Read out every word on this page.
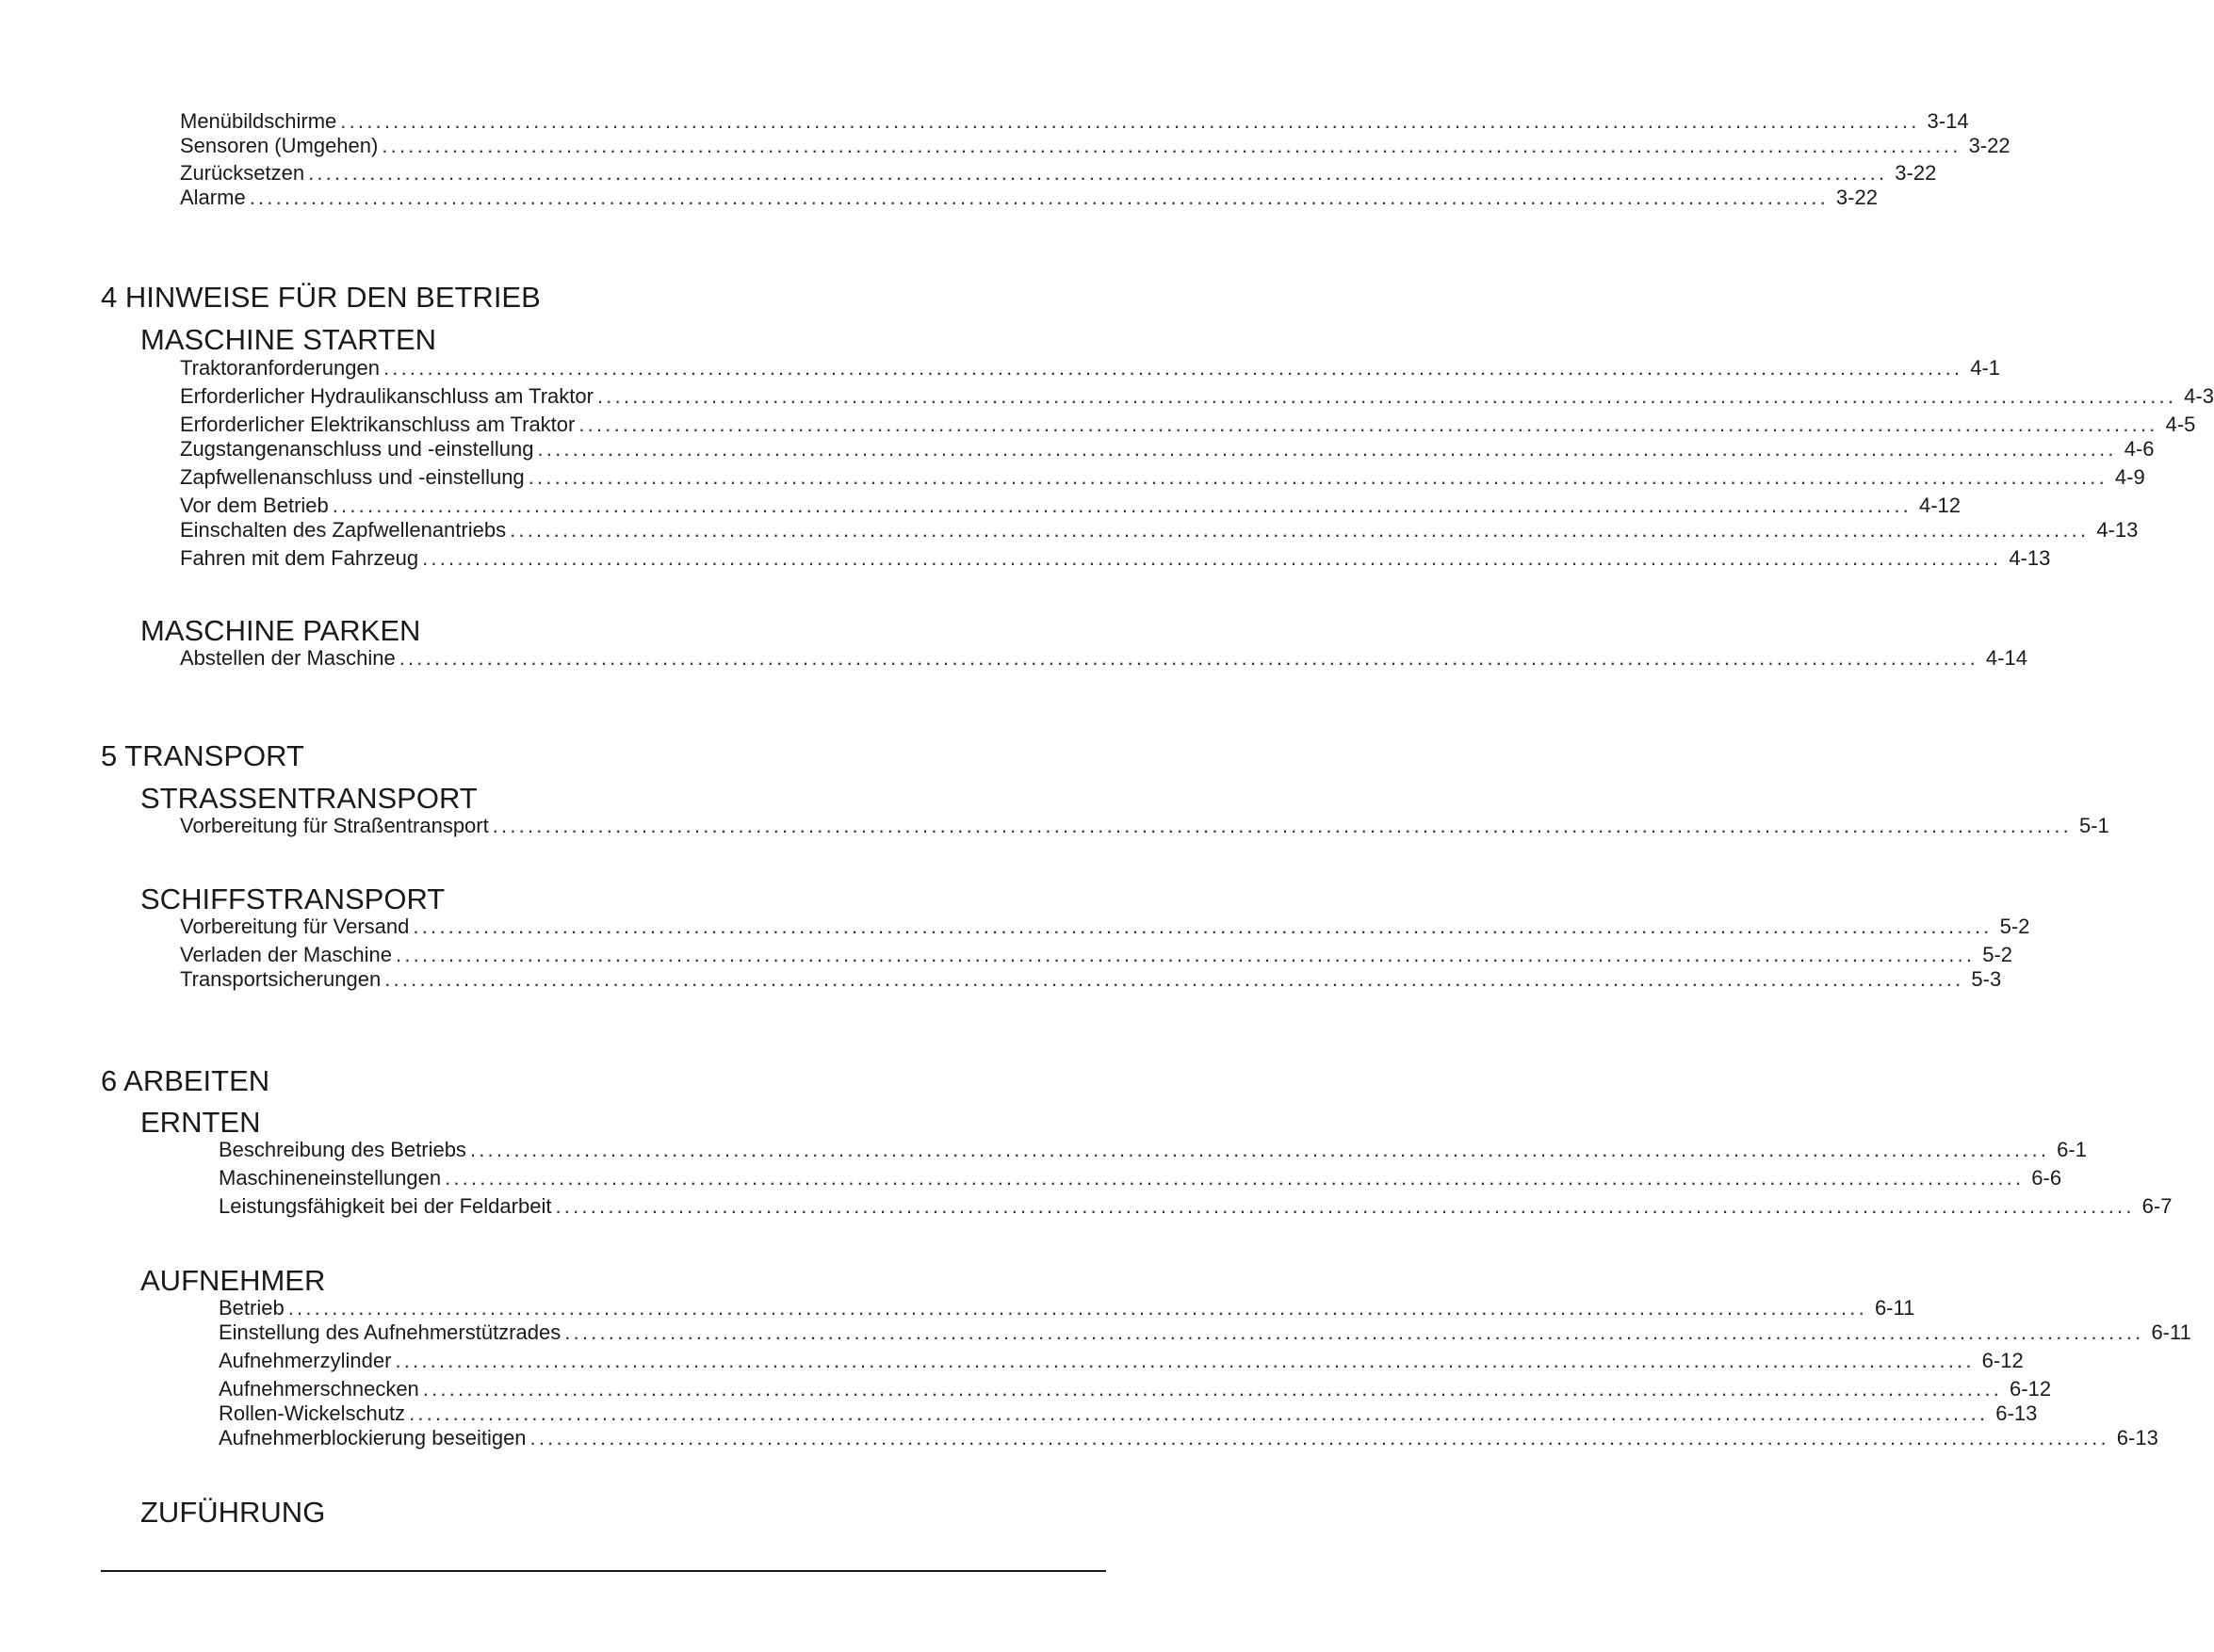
Menübildschirme .................................................................................................................................................................................... 3-14
Sensoren (Umgehen) .................................................................................................................................................................................... 3-22
Zurücksetzen .................................................................................................................................................................................... 3-22
Alarme .................................................................................................................................................................................... 3-22
4 HINWEISE FÜR DEN BETRIEB
MASCHINE STARTEN
Traktoranforderungen .................................................................................................................................................................................... 4-1
Erforderlicher Hydraulikanschluss am Traktor .................................................................................................................................................................................... 4-3
Erforderlicher Elektrikanschluss am Traktor .................................................................................................................................................................................... 4-5
Zugstangenanschluss und -einstellung .................................................................................................................................................................................... 4-6
Zapfwellenanschluss und -einstellung .................................................................................................................................................................................... 4-9
Vor dem Betrieb .................................................................................................................................................................................... 4-12
Einschalten des Zapfwellenantriebs .................................................................................................................................................................................... 4-13
Fahren mit dem Fahrzeug .................................................................................................................................................................................... 4-13
MASCHINE PARKEN
Abstellen der Maschine .................................................................................................................................................................................... 4-14
5 TRANSPORT
STRASSENTRANSPORT
Vorbereitung für Straßentransport .................................................................................................................................................................................... 5-1
SCHIFFSTRANSPORT
Vorbereitung für Versand .................................................................................................................................................................................... 5-2
Verladen der Maschine .................................................................................................................................................................................... 5-2
Transportsicherungen .................................................................................................................................................................................... 5-3
6 ARBEITEN
ERNTEN
Beschreibung des Betriebs .................................................................................................................................................................................... 6-1
Maschineneinstellungen .................................................................................................................................................................................... 6-6
Leistungsfähigkeit bei der Feldarbeit .................................................................................................................................................................................... 6-7
AUFNEHMER
Betrieb .................................................................................................................................................................................... 6-11
Einstellung des Aufnehmerstützrades .................................................................................................................................................................................... 6-11
Aufnehmerzylinder .................................................................................................................................................................................... 6-12
Aufnehmerschnecken .................................................................................................................................................................................... 6-12
Rollen-Wickelschutz .................................................................................................................................................................................... 6-13
Aufnehmerblockierung beseitigen .................................................................................................................................................................................... 6-13
ZUFÜHRUNG
